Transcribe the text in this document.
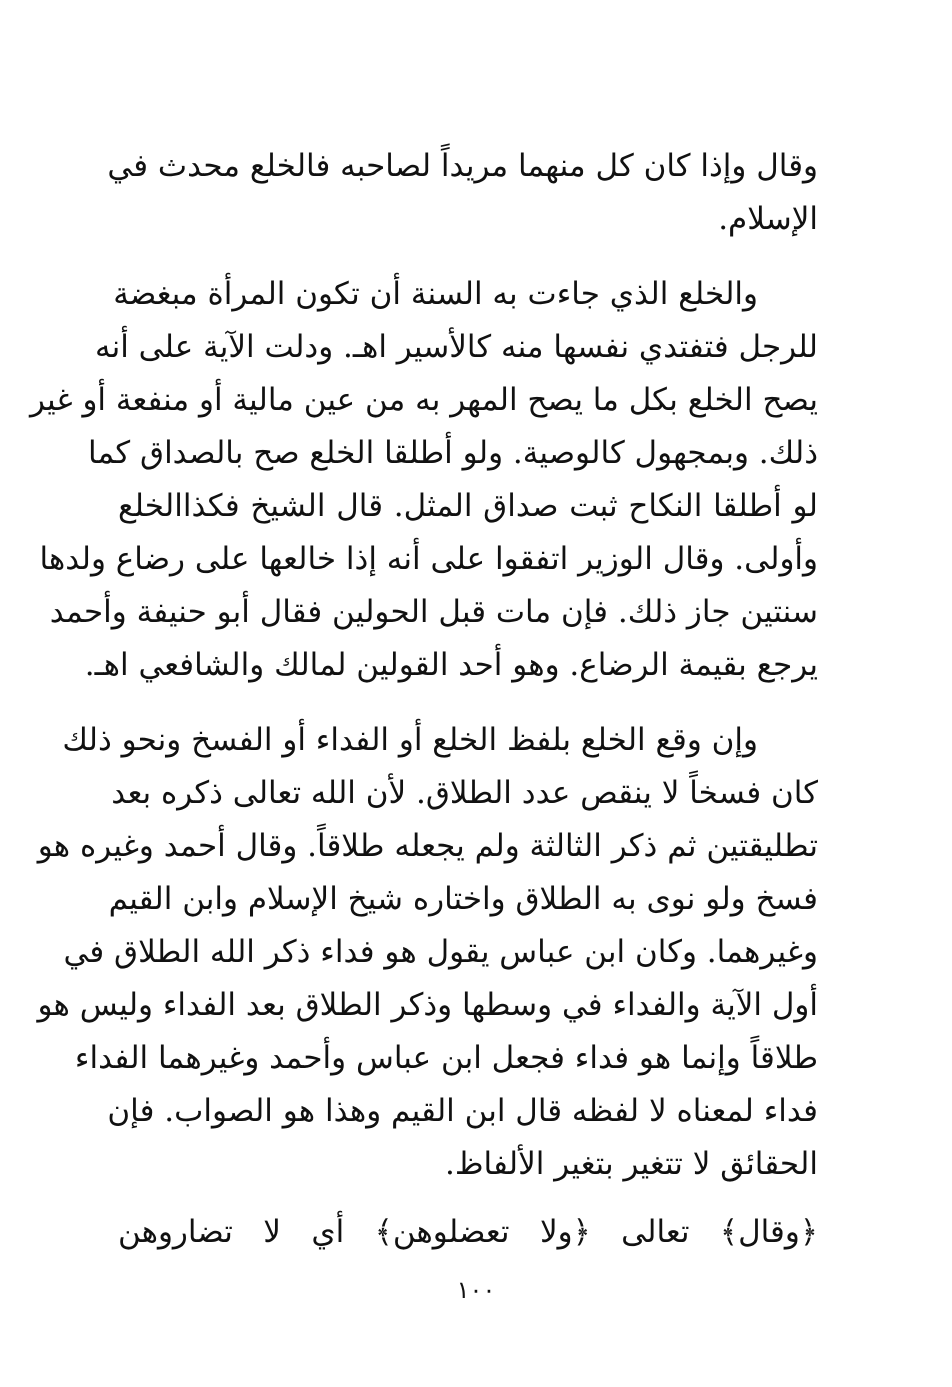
وقال وإذا كان كل منهما مريداً لصاحبه فالخلع محدث في
الإسلام.
والخلع الذي جاءت به السنة أن تكون المرأة مبغضة
للرجل فتفتدي نفسها منه كالأسير اهـ. ودلت الآية على أنه
يصح الخلع بكل ما يصح المهر به من عين مالية أو منفعة أو غير
ذلك. وبمجهول كالوصية. ولو أطلقا الخلع صح بالصداق كما
لو أطلقا النكاح ثبت صداق المثل. قال الشيخ فكذاالخلع
وأولى. وقال الوزير اتفقوا على أنه إذا خالعها على رضاع ولدها
سنتين جاز ذلك. فإن مات قبل الحولين فقال أبو حنيفة وأحمد
يرجع بقيمة الرضاع. وهو أحد القولين لمالك والشافعي اهـ.
وإن وقع الخلع بلفظ الخلع أو الفداء أو الفسخ ونحو ذلك
كان فسخاً لا ينقص عدد الطلاق. لأن الله تعالى ذكره بعد
تطليقتين ثم ذكر الثالثة ولم يجعله طلاقاً. وقال أحمد وغيره هو
فسخ ولو نوى به الطلاق واختاره شيخ الإسلام وابن القيم
وغيرهما. وكان ابن عباس يقول هو فداء ذكر الله الطلاق في
أول الآية والفداء في وسطها وذكر الطلاق بعد الفداء وليس هو
طلاقاً وإنما هو فداء فجعل ابن عباس وأحمد وغيرهما الفداء
فداء لمعناه لا لفظه قال ابن القيم وهذا هو الصواب. فإن
الحقائق لا تتغير بتغير الألفاظ.
﴿وقال﴾ تعالى ﴿ولا تعضلوهن﴾ أي لا تضاروهن
١٠٠
